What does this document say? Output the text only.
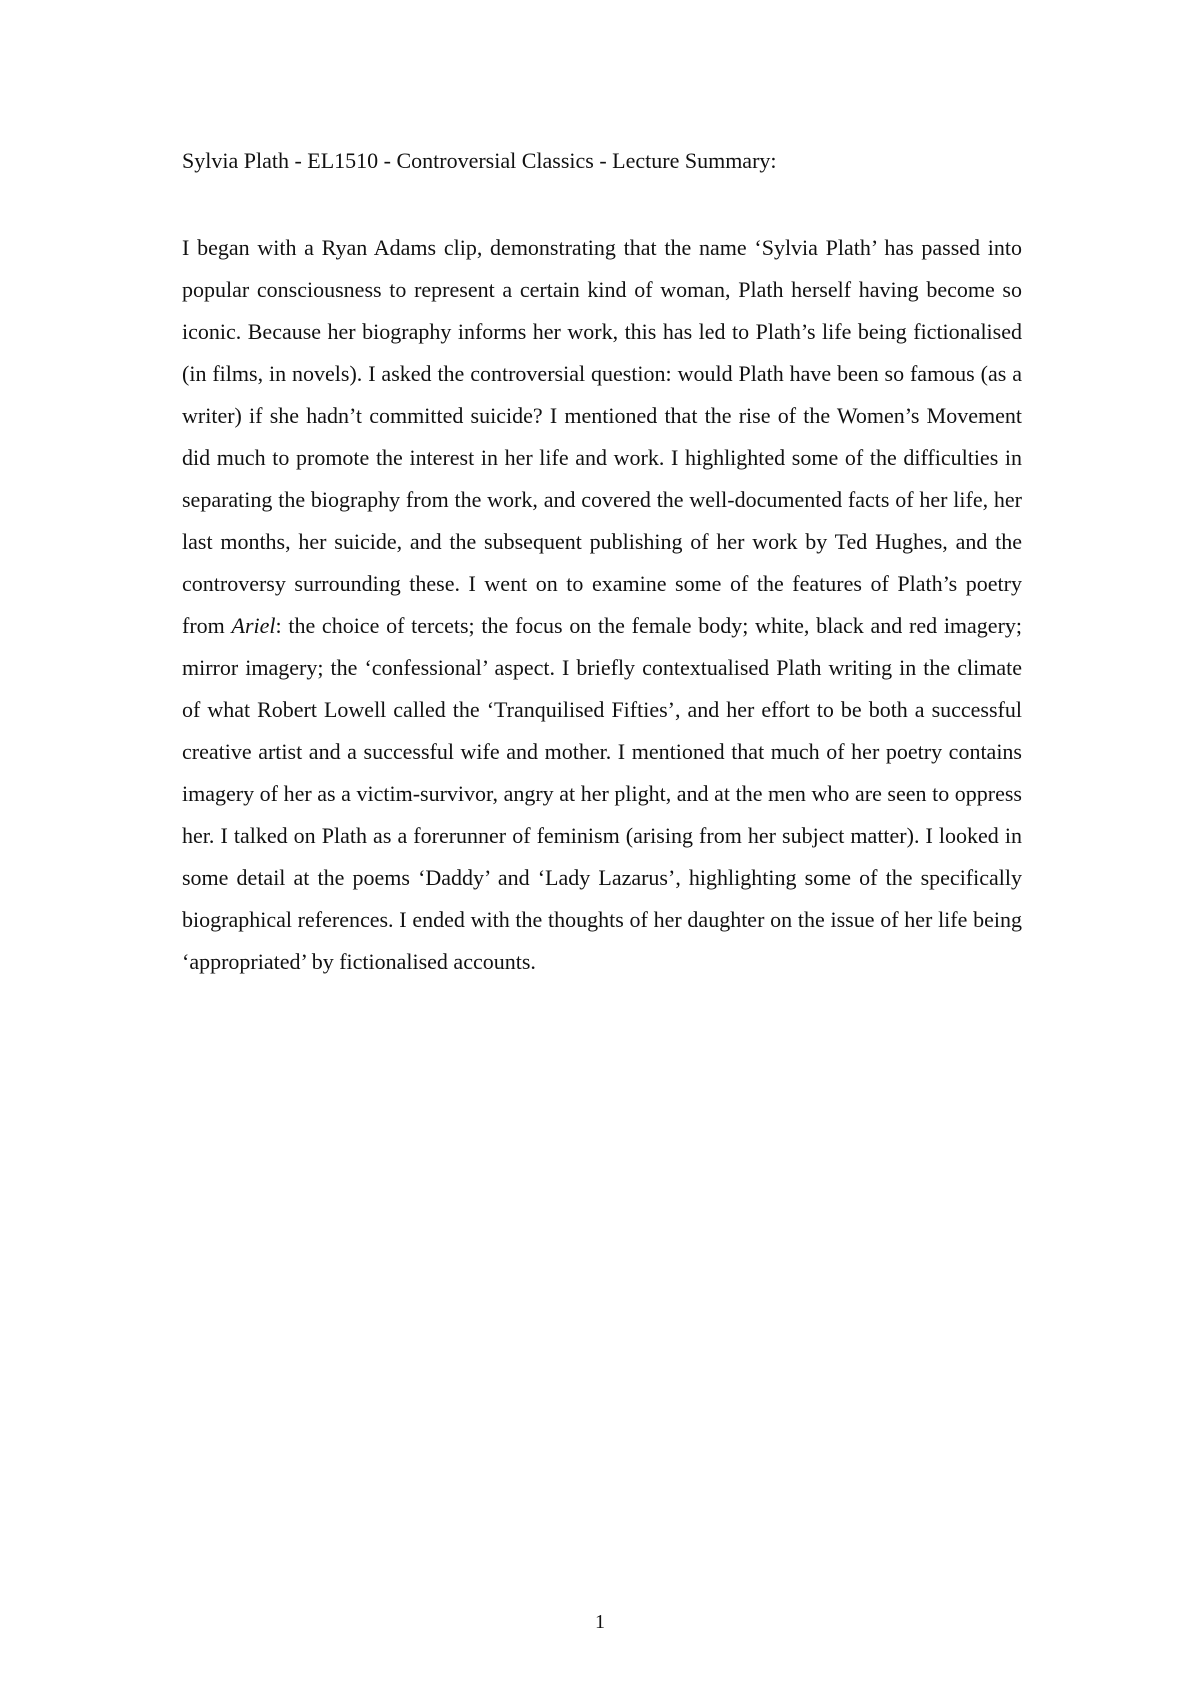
Sylvia Plath - EL1510 - Controversial Classics - Lecture Summary:

I began with a Ryan Adams clip, demonstrating that the name ‘Sylvia Plath’ has passed into popular consciousness to represent a certain kind of woman, Plath herself having become so iconic. Because her biography informs her work, this has led to Plath’s life being fictionalised (in films, in novels). I asked the controversial question: would Plath have been so famous (as a writer) if she hadn’t committed suicide? I mentioned that the rise of the Women’s Movement did much to promote the interest in her life and work. I highlighted some of the difficulties in separating the biography from the work, and covered the well-documented facts of her life, her last months, her suicide, and the subsequent publishing of her work by Ted Hughes, and the controversy surrounding these. I went on to examine some of the features of Plath’s poetry from Ariel: the choice of tercets; the focus on the female body; white, black and red imagery; mirror imagery; the ‘confessional’ aspect. I briefly contextualised Plath writing in the climate of what Robert Lowell called the ‘Tranquilised Fifties’, and her effort to be both a successful creative artist and a successful wife and mother. I mentioned that much of her poetry contains imagery of her as a victim-survivor, angry at her plight, and at the men who are seen to oppress her. I talked on Plath as a forerunner of feminism (arising from her subject matter). I looked in some detail at the poems ‘Daddy’ and ‘Lady Lazarus’, highlighting some of the specifically biographical references. I ended with the thoughts of her daughter on the issue of her life being ‘appropriated’ by fictionalised accounts.

1
